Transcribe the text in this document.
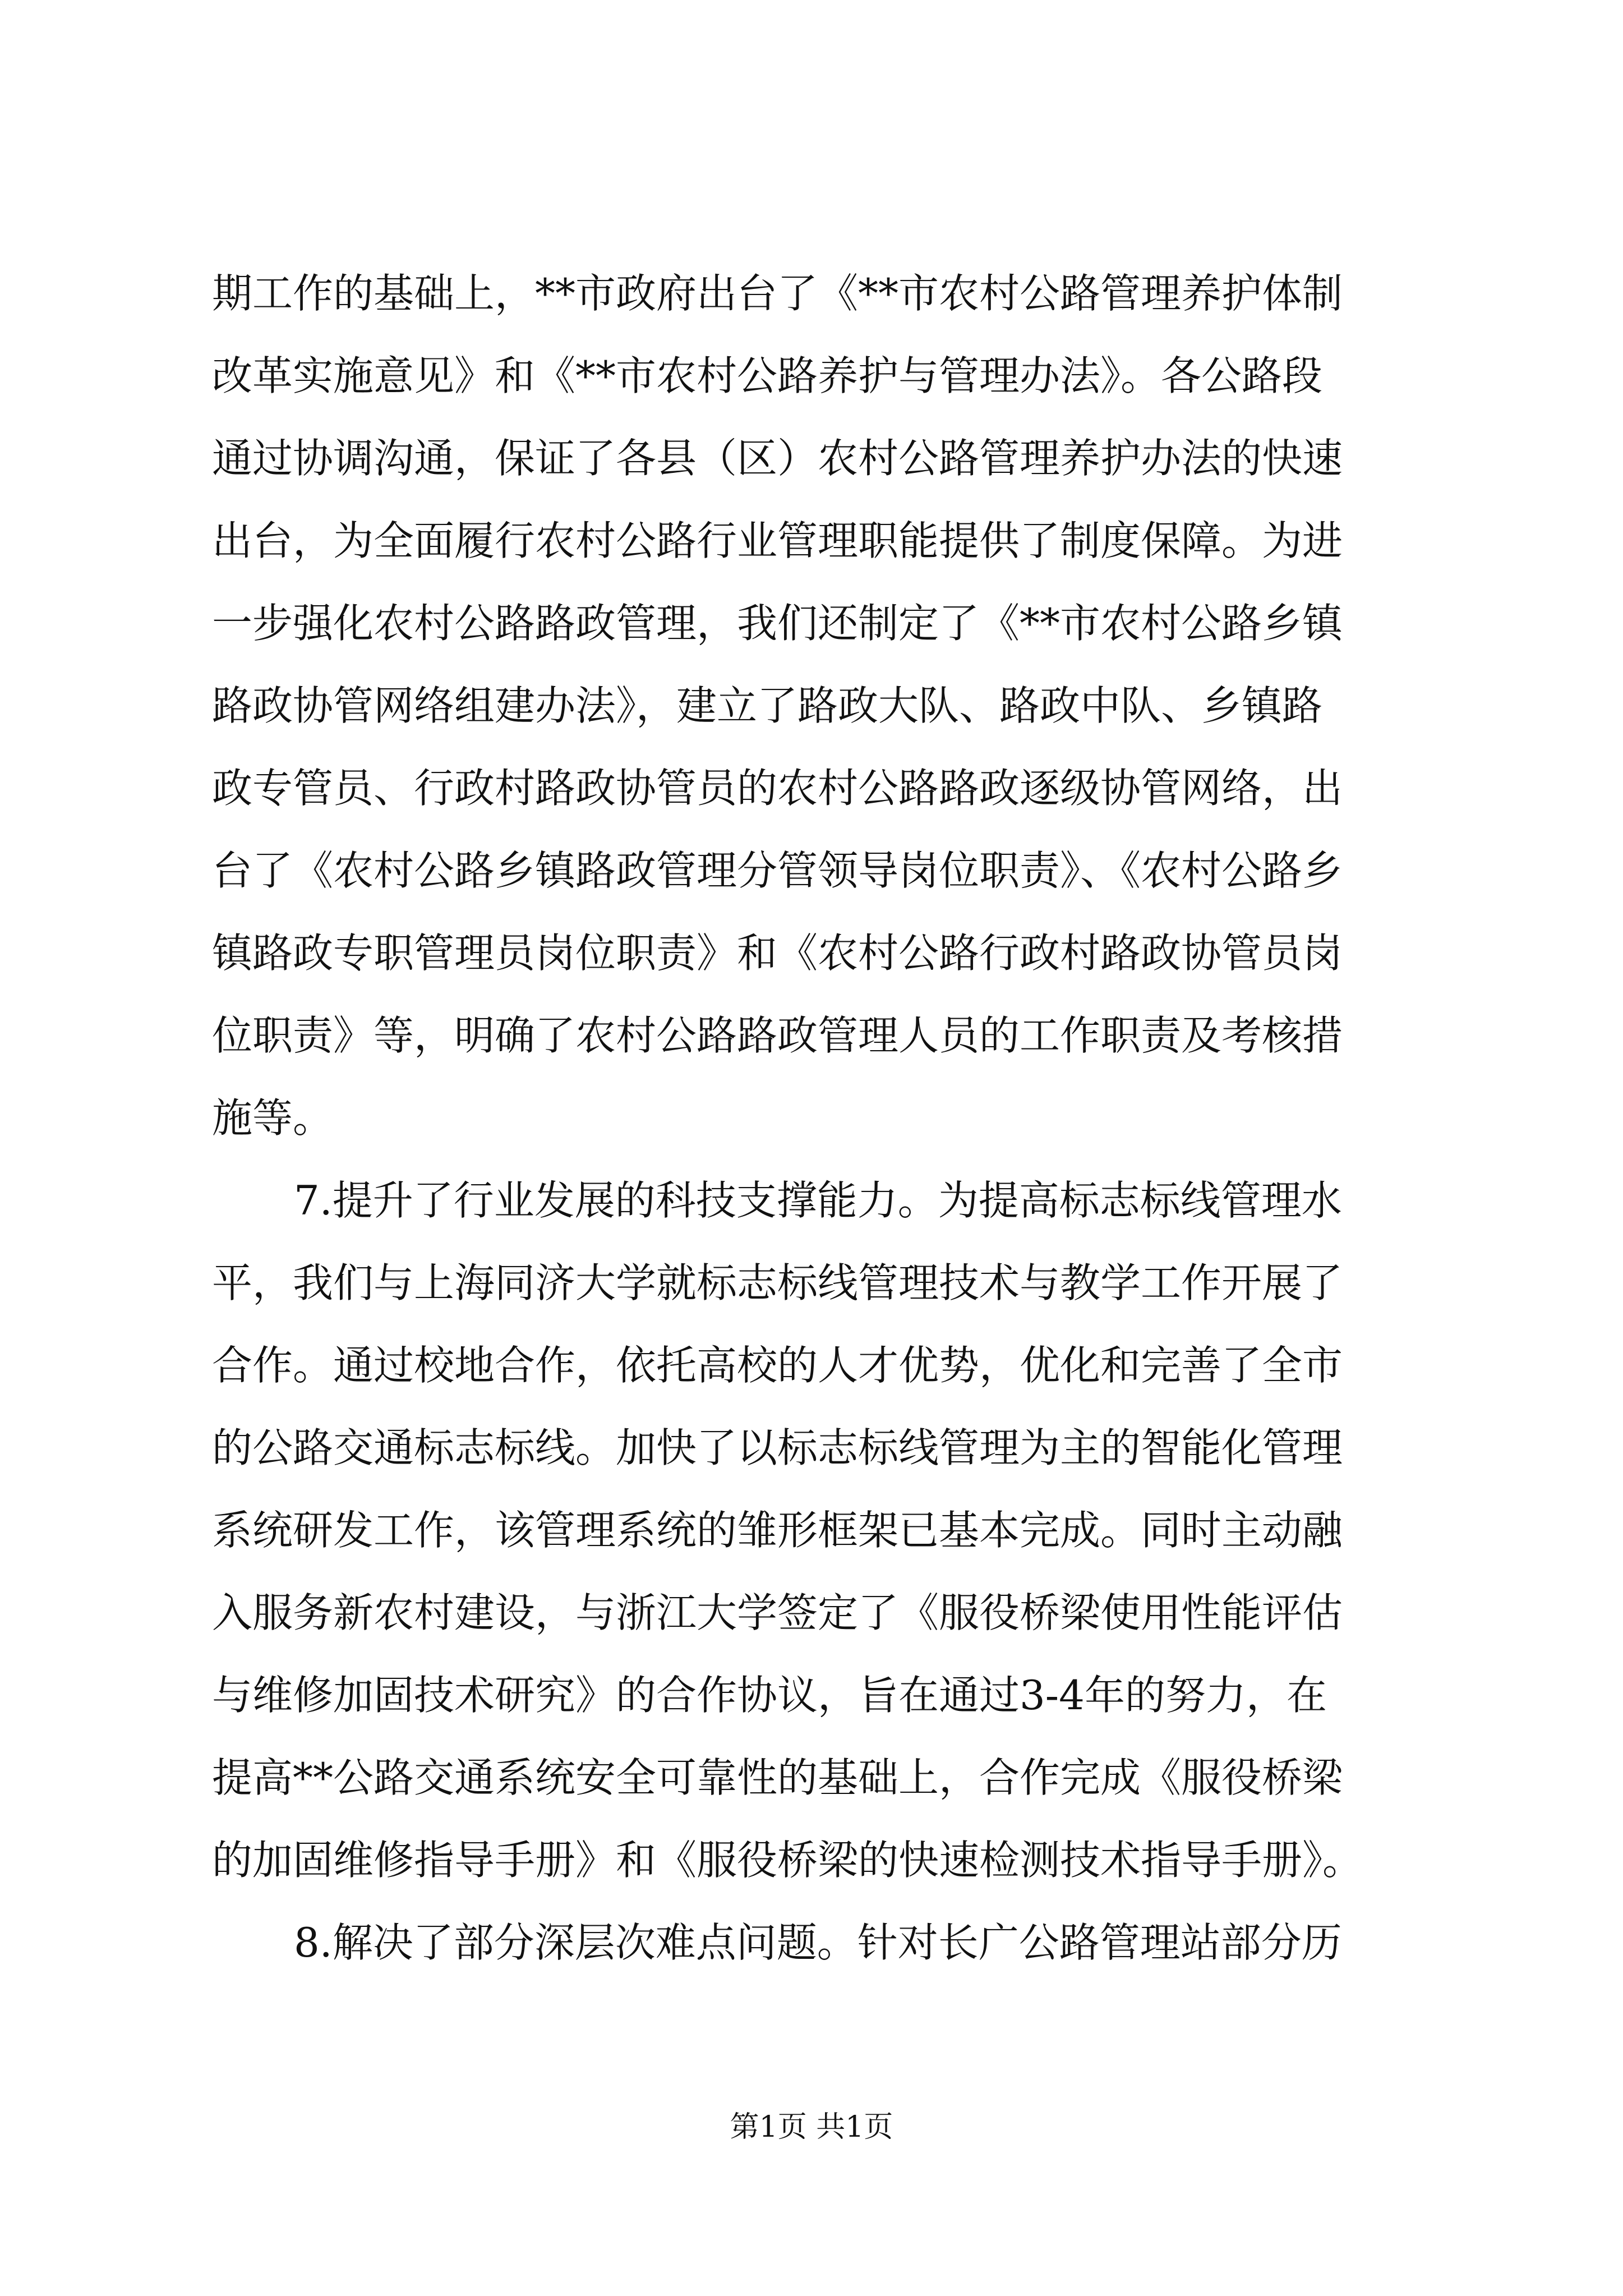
期工作的基础上，**市政府出台了《**市农村公路管理养护体制
改革实施意见》和《**市农村公路养护与管理办法》。各公路段
通过协调沟通，保证了各县（区）农村公路管理养护办法的快速
出台，为全面履行农村公路行业管理职能提供了制度保障。为进
一步强化农村公路路政管理，我们还制定了《**市农村公路乡镇
路政协管网络组建办法》，建立了路政大队、路政中队、乡镇路
政专管员、行政村路政协管员的农村公路路政逐级协管网络，出
台了《农村公路乡镇路政管理分管领导岗位职责》、《农村公路乡
镇路政专职管理员岗位职责》和《农村公路行政村路政协管员岗
位职责》等，明确了农村公路路政管理人员的工作职责及考核措
施等。
7.提升了行业发展的科技支撑能力。为提高标志标线管理水
平，我们与上海同济大学就标志标线管理技术与教学工作开展了
合作。通过校地合作，依托高校的人才优势，优化和完善了全市
的公路交通标志标线。加快了以标志标线管理为主的智能化管理
系统研发工作，该管理系统的雏形框架已基本完成。同时主动融
入服务新农村建设，与浙江大学签定了《服役桥梁使用性能评估
与维修加固技术研究》的合作协议，旨在通过3-4年的努力，在
提高**公路交通系统安全可靠性的基础上，合作完成《服役桥梁
的加固维修指导手册》和《服役桥梁的快速检测技术指导手册》。
8.解决了部分深层次难点问题。针对长广公路管理站部分历
第1页 共1页
